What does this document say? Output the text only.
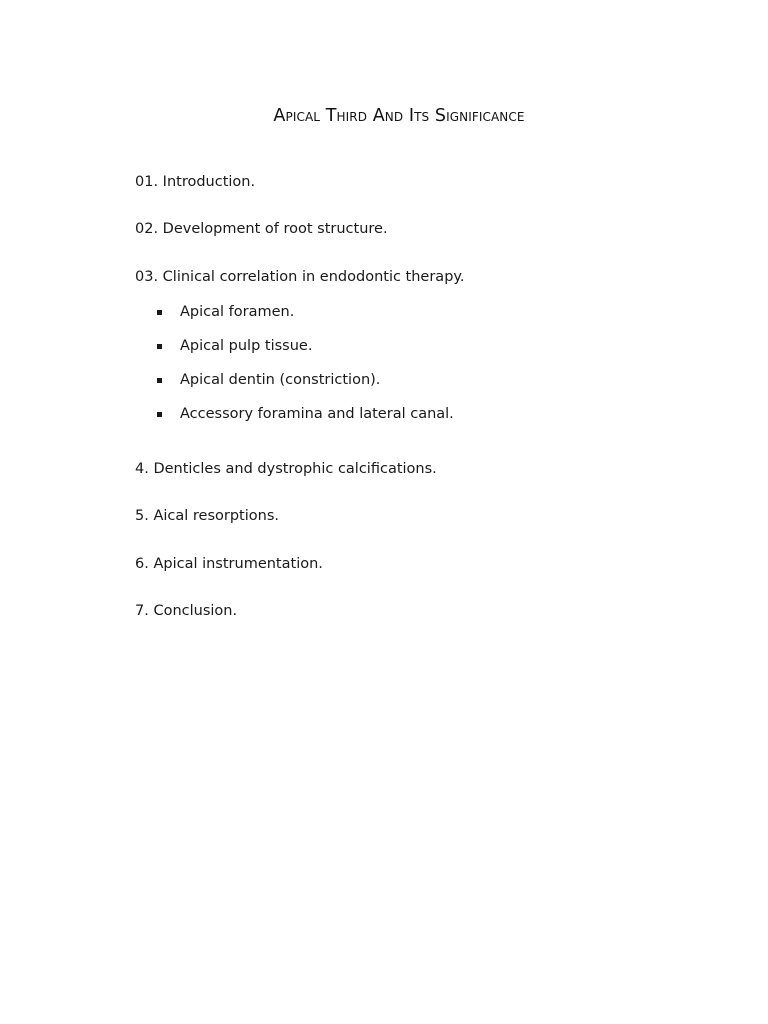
Apical Third And Its Significance
01. Introduction.
02. Development of root structure.
03. Clinical correlation in endodontic therapy.
Apical foramen.
Apical pulp tissue.
Apical dentin (constriction).
Accessory foramina and lateral canal.
4. Denticles and dystrophic calcifications.
5. Aical resorptions.
6. Apical instrumentation.
7. Conclusion.
